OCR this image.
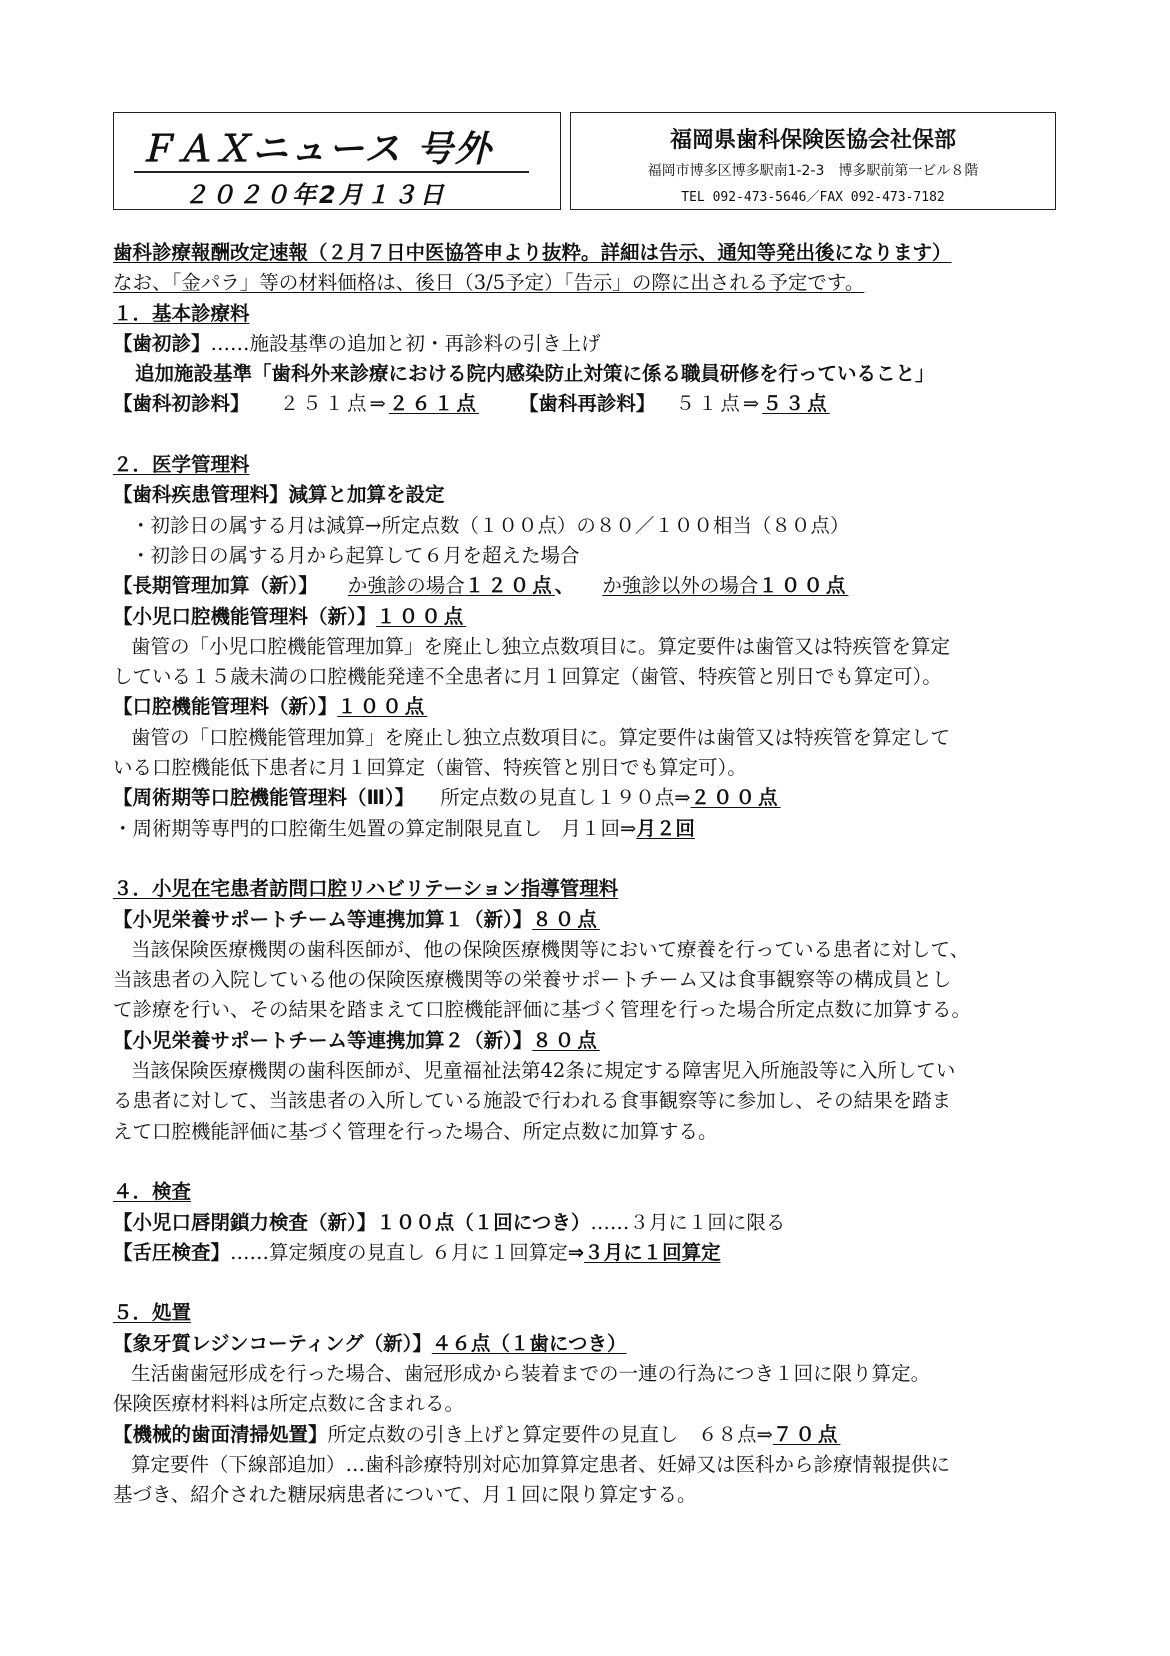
ＦＡＸニュース 号外
２０２０年2月１３日
福岡県歯科保険医協会社保部
福岡市博多区博多駅南1-2-3　博多駅前第一ビル８階
TEL 092-473-5646／FAX 092-473-7182
歯科診療報酬改定速報（２月７日中医協答申より抜粋。詳細は告示、通知等発出後になります）
なお、「金パラ」等の材料価格は、後日（3/5予定）「告示」の際に出される予定です。
１．基本診療料
【歯初診】……施設基準の追加と初・再診料の引き上げ
追加施設基準「歯科外来診療における院内感染防止対策に係る職員研修を行っていること」
【歯科初診料】 ２５１点⇒２６１点 【歯科再診料】 ５１点⇒５３点
２．医学管理料
【歯科疾患管理料】減算と加算を設定
・初診日の属する月は減算→所定点数（１００点）の８０／１００相当（８０点）
・初診日の属する月から起算して６月を超えた場合
【長期管理加算（新）】 か強診の場合１２０点、 か強診以外の場合１００点
【小児口腔機能管理料（新）】１００点
歯管の「小児口腔機能管理加算」を廃止し独立点数項目に。算定要件は歯管又は特疾管を算定
している１５歳未満の口腔機能発達不全患者に月１回算定（歯管、特疾管と別日でも算定可）。
【口腔機能管理料（新）】１００点
歯管の「口腔機能管理加算」を廃止し独立点数項目に。算定要件は歯管又は特疾管を算定して
いる口腔機能低下患者に月１回算定（歯管、特疾管と別日でも算定可）。
【周術期等口腔機能管理料（Ⅲ）】 所定点数の見直し１９０点⇒２００点
・周術期等専門的口腔衛生処置の算定制限見直し　月１回⇒月２回
３．小児在宅患者訪問口腔リハビリテーション指導管理料
【小児栄養サポートチーム等連携加算１（新）】８０点
当該保険医療機関の歯科医師が、他の保険医療機関等において療養を行っている患者に対して、
当該患者の入院している他の保険医療機関等の栄養サポートチーム又は食事観察等の構成員とし
て診療を行い、その結果を踏まえて口腔機能評価に基づく管理を行った場合所定点数に加算する。
【小児栄養サポートチーム等連携加算２（新）】８０点
当該保険医療機関の歯科医師が、児童福祉法第42条に規定する障害児入所施設等に入所してい
る患者に対して、当該患者の入所している施設で行われる食事観察等に参加し、その結果を踏ま
えて口腔機能評価に基づく管理を行った場合、所定点数に加算する。
４．検査
【小児口唇閉鎖力検査（新）】１００点（１回につき）……３月に１回に限る
【舌圧検査】……算定頻度の見直し ６月に１回算定⇒３月に１回算定
５．処置
【象牙質レジンコーティング（新）】４６点（１歯につき）
生活歯歯冠形成を行った場合、歯冠形成から装着までの一連の行為につき１回に限り算定。
保険医療材料料は所定点数に含まれる。
【機械的歯面清掃処置】所定点数の引き上げと算定要件の見直し　６８点⇒７０点
算定要件（下線部追加）…歯科診療特別対応加算算定患者、妊婦又は医科から診療情報提供に
基づき、紹介された糖尿病患者について、月１回に限り算定する。
